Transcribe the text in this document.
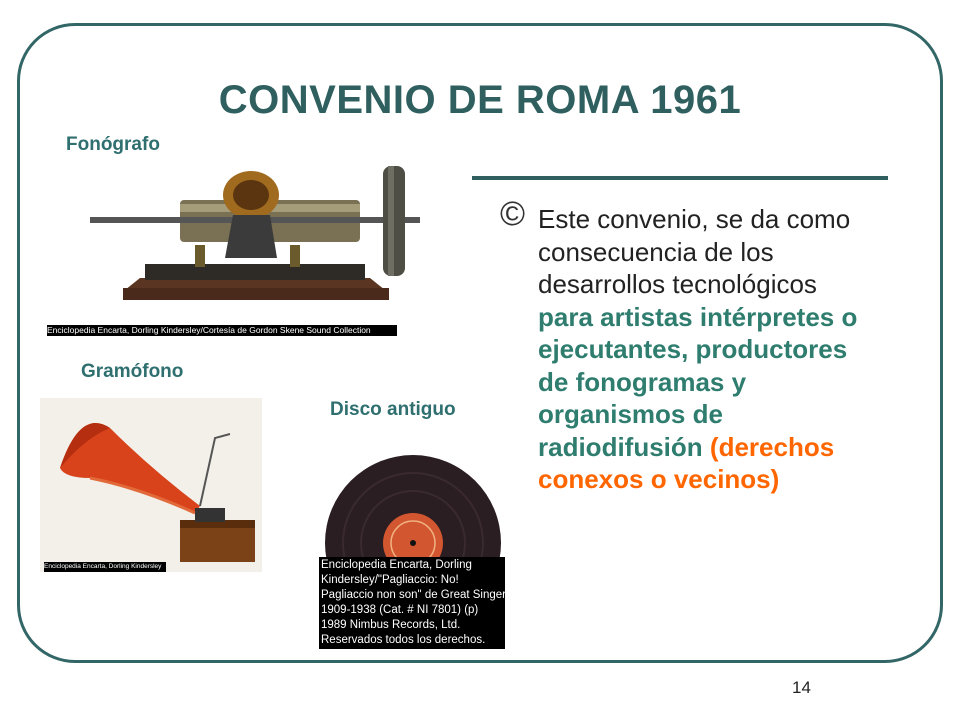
CONVENIO DE ROMA 1961
Fonógrafo
Enciclopedia Encarta, Dorling Kindersley/Cortesía de Gordon Skene Sound Collection
Gramófono
Enciclopedia Encarta, Dorling Kindersley
Disco antiguo
Enciclopedia Encarta, Dorling
Kindersley/"Pagliaccio: No!
Pagliaccio non son" de Great Singers
1909-1938 (Cat. # NI 7801) (p)
1989 Nimbus Records, Ltd.
Reservados todos los derechos.
© Este convenio, se da como consecuencia de los desarrollos tecnológicos para artistas intérpretes o ejecutantes, productores de fonogramas y organismos de radiodifusión (derechos conexos o vecinos)
14
